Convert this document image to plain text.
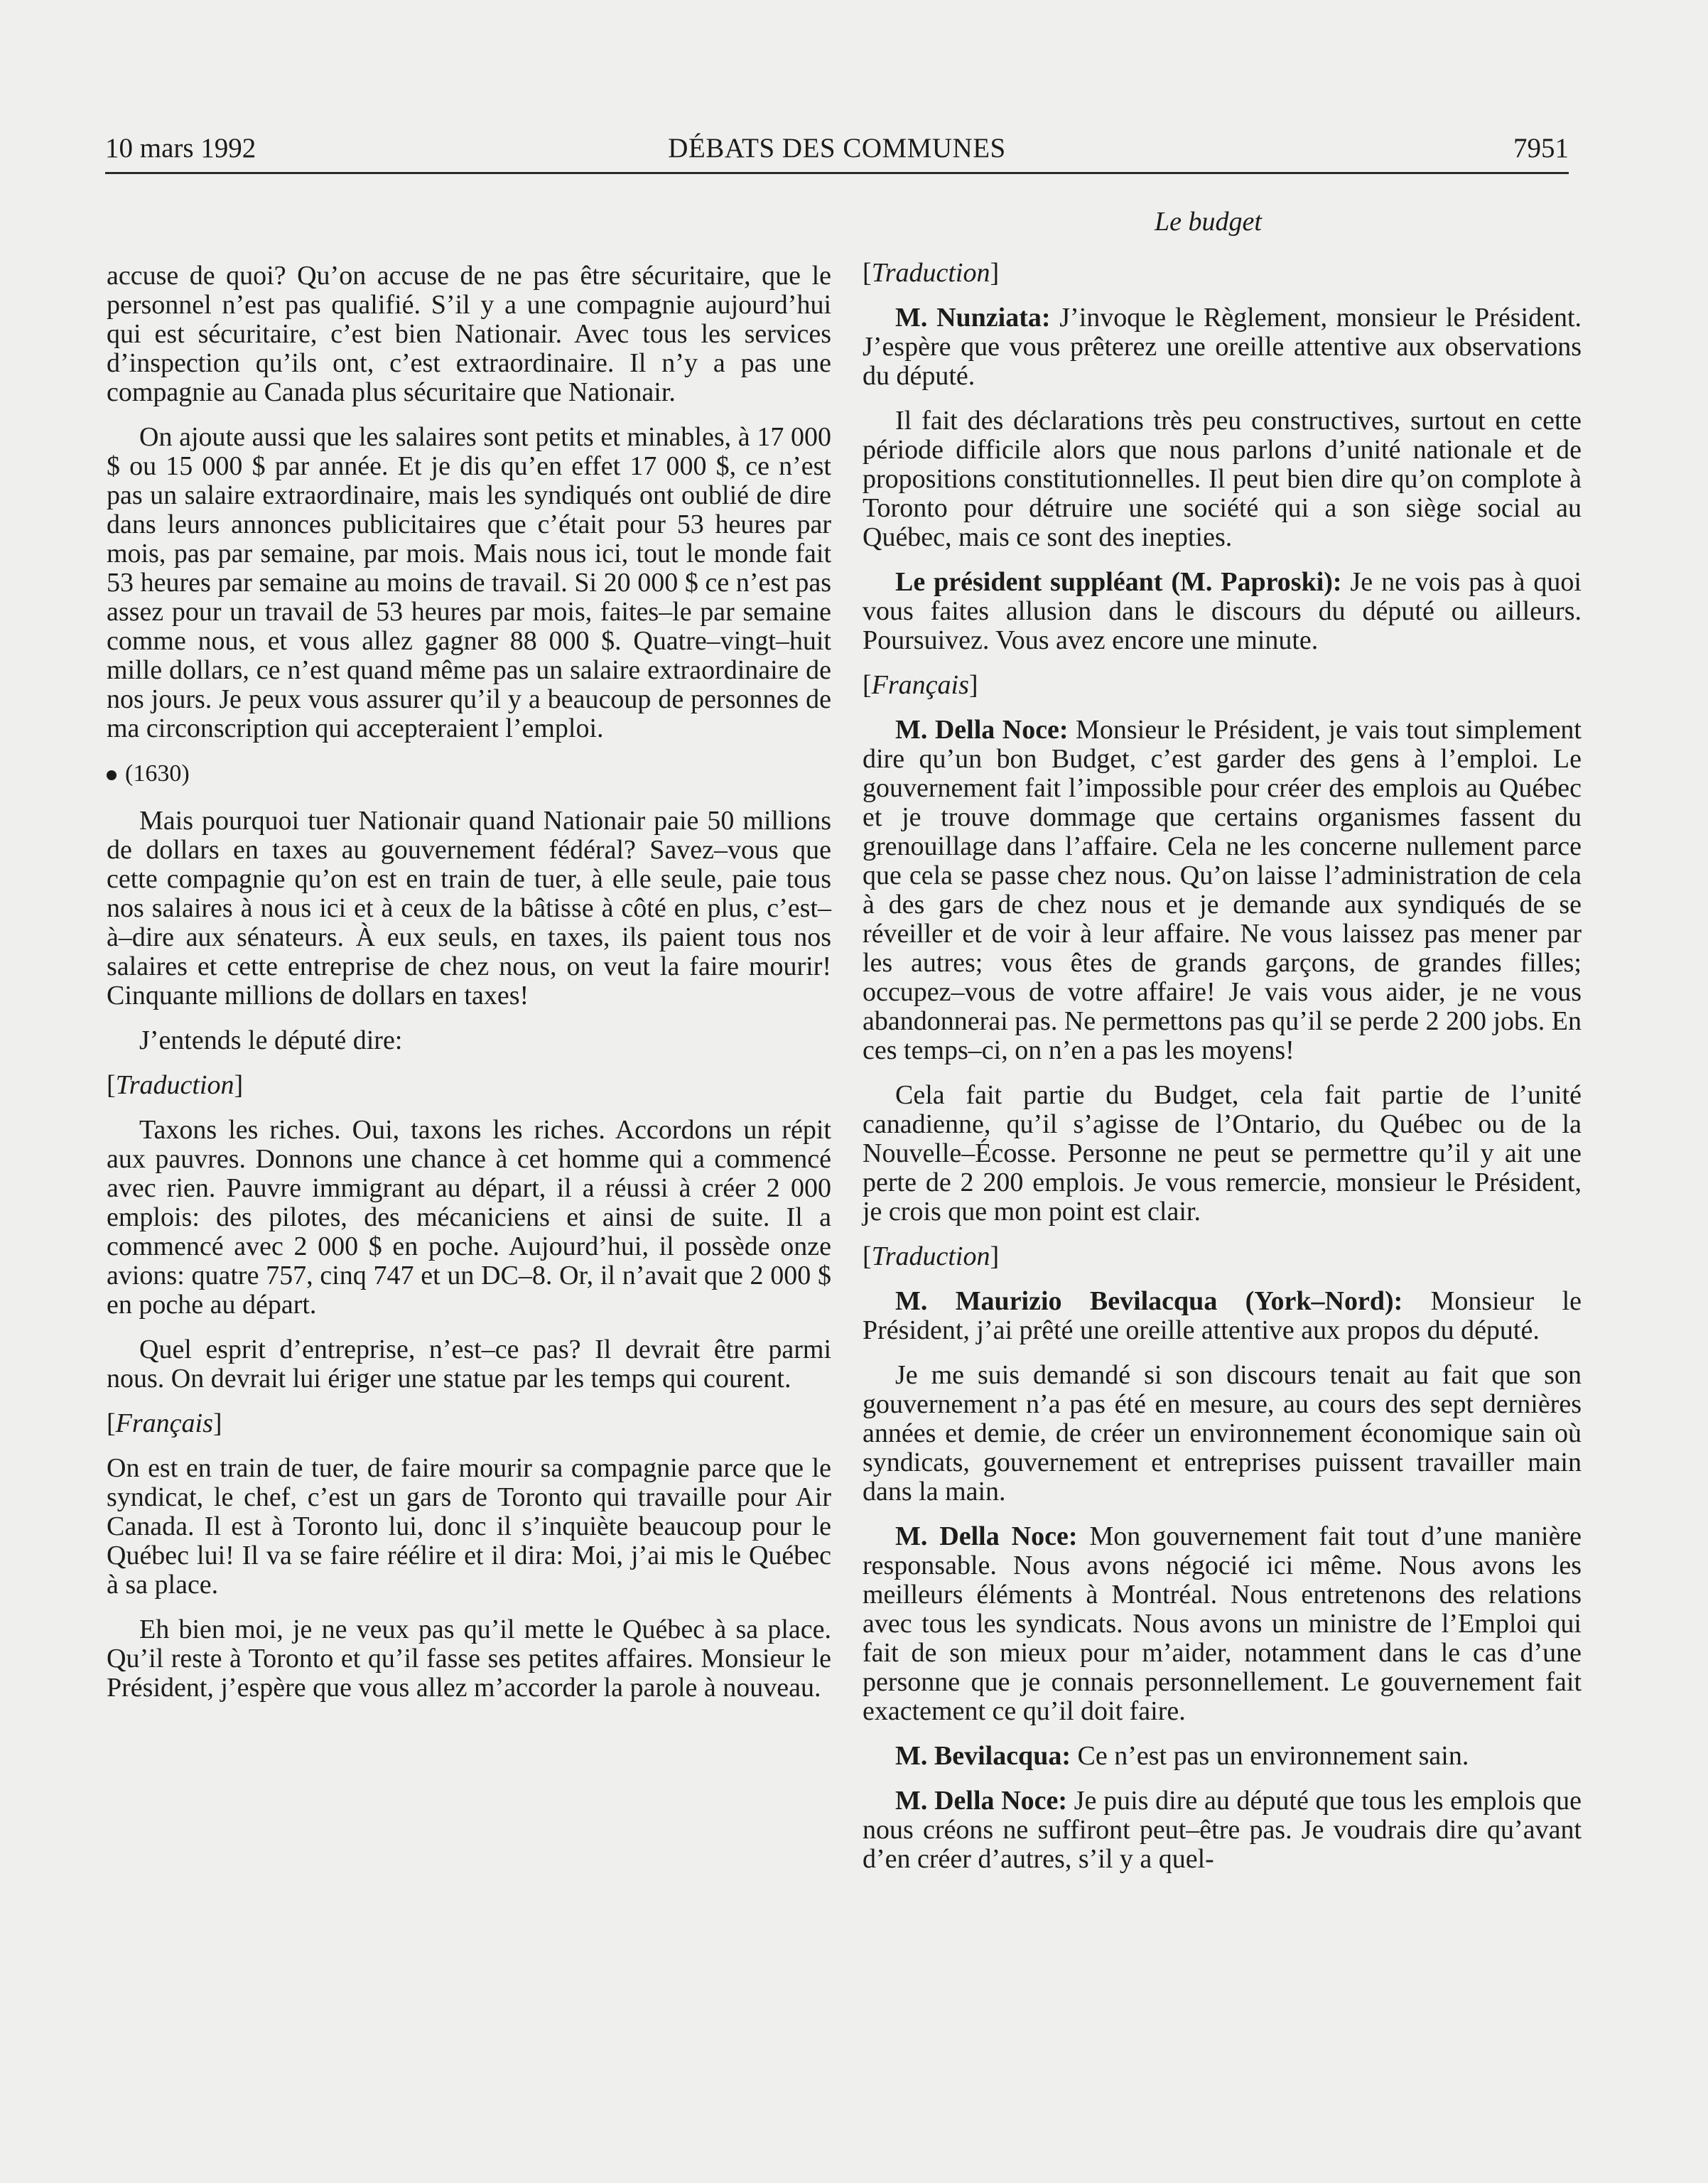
10 mars 1992	DÉBATS DES COMMUNES	7951
Le budget

accuse de quoi? Qu’on accuse de ne pas être sécuritaire, que le personnel n’est pas qualifié. S’il y a une compagnie aujourd’hui qui est sécuritaire, c’est bien Nationair. Avec tous les services d’inspection qu’ils ont, c’est extraordinaire. Il n’y a pas une compagnie au Canada plus sécuritaire que Nationair.

On ajoute aussi que les salaires sont petits et minables, à 17 000 $ ou 15 000 $ par année. Et je dis qu’en effet 17 000 $, ce n’est pas un salaire extraordinaire, mais les syndiqués ont oublié de dire dans leurs annonces publicitaires que c’était pour 53 heures par mois, pas par semaine, par mois. Mais nous ici, tout le monde fait 53 heures par semaine au moins de travail. Si 20 000 $ ce n’est pas assez pour un travail de 53 heures par mois, faites–le par semaine comme nous, et vous allez gagner 88 000 $. Quatre–vingt–huit mille dollars, ce n’est quand même pas un salaire extraordinaire de nos jours. Je peux vous assurer qu’il y a beaucoup de personnes de ma circonscription qui accepteraient l’emploi.

(1630)

Mais pourquoi tuer Nationair quand Nationair paie 50 millions de dollars en taxes au gouvernement fédéral? Savez–vous que cette compagnie qu’on est en train de tuer, à elle seule, paie tous nos salaires à nous ici et à ceux de la bâtisse à côté en plus, c’est–à–dire aux sénateurs. À eux seuls, en taxes, ils paient tous nos salaires et cette entreprise de chez nous, on veut la faire mourir! Cinquante millions de dollars en taxes!

J’entends le député dire:

[ Traduction ]

Taxons les riches. Oui, taxons les riches. Accordons un répit aux pauvres. Donnons une chance à cet homme qui a commencé avec rien. Pauvre immigrant au départ, il a réussi à créer 2 000 emplois: des pilotes, des mécaniciens et ainsi de suite. Il a commencé avec 2 000 $ en poche. Aujourd’hui, il possède onze avions: quatre 757, cinq 747 et un DC–8. Or, il n’avait que 2 000 $ en poche au départ.

Quel esprit d’entreprise, n’est–ce pas? Il devrait être parmi nous. On devrait lui ériger une statue par les temps qui courent.

[ Français ]

On est en train de tuer, de faire mourir sa compagnie parce que le syndicat, le chef, c’est un gars de Toronto qui travaille pour Air Canada. Il est à Toronto lui, donc il s’inquiète beaucoup pour le Québec lui! Il va se faire réélire et il dira: Moi, j’ai mis le Québec à sa place.

Eh bien moi, je ne veux pas qu’il mette le Québec à sa place. Qu’il reste à Toronto et qu’il fasse ses petites affaires. Monsieur le Président, j’espère que vous allez m’accorder la parole à nouveau.

[ Traduction ]

M. Nunziata: J’invoque le Règlement, monsieur le Président. J’espère que vous prêterez une oreille attentive aux observations du député.

Il fait des déclarations très peu constructives, surtout en cette période difficile alors que nous parlons d’unité nationale et de propositions constitutionnelles. Il peut bien dire qu’on complote à Toronto pour détruire une société qui a son siège social au Québec, mais ce sont des inepties.

Le président suppléant (M. Paproski): Je ne vois pas à quoi vous faites allusion dans le discours du député ou ailleurs. Poursuivez. Vous avez encore une minute.

[ Français ]

M. Della Noce: Monsieur le Président, je vais tout simplement dire qu’un bon Budget, c’est garder des gens à l’emploi. Le gouvernement fait l’impossible pour créer des emplois au Québec et je trouve dommage que certains organismes fassent du grenouillage dans l’affaire. Cela ne les concerne nullement parce que cela se passe chez nous. Qu’on laisse l’administration de cela à des gars de chez nous et je demande aux syndiqués de se réveiller et de voir à leur affaire. Ne vous laissez pas mener par les autres; vous êtes de grands garçons, de grandes filles; occupez–vous de votre affaire! Je vais vous aider, je ne vous abandonnerai pas. Ne permettons pas qu’il se perde 2 200 jobs. En ces temps–ci, on n’en a pas les moyens!

Cela fait partie du Budget, cela fait partie de l’unité canadienne, qu’il s’agisse de l’Ontario, du Québec ou de la Nouvelle–Écosse. Personne ne peut se permettre qu’il y ait une perte de 2 200 emplois. Je vous remercie, monsieur le Président, je crois que mon point est clair.

[ Traduction ]

M. Maurizio Bevilacqua (York–Nord): Monsieur le Président, j’ai prêté une oreille attentive aux propos du député.

Je me suis demandé si son discours tenait au fait que son gouvernement n’a pas été en mesure, au cours des sept dernières années et demie, de créer un environnement économique sain où syndicats, gouvernement et entreprises puissent travailler main dans la main.

M. Della Noce: Mon gouvernement fait tout d’une manière responsable. Nous avons négocié ici même. Nous avons les meilleurs éléments à Montréal. Nous entretenons des relations avec tous les syndicats. Nous avons un ministre de l’Emploi qui fait de son mieux pour m’aider, notamment dans le cas d’une personne que je connais personnellement. Le gouvernement fait exactement ce qu’il doit faire.

M. Bevilacqua: Ce n’est pas un environnement sain.

M. Della Noce: Je puis dire au député que tous les emplois que nous créons ne suffiront peut–être pas. Je voudrais dire qu’avant d’en créer d’autres, s’il y a quel-
